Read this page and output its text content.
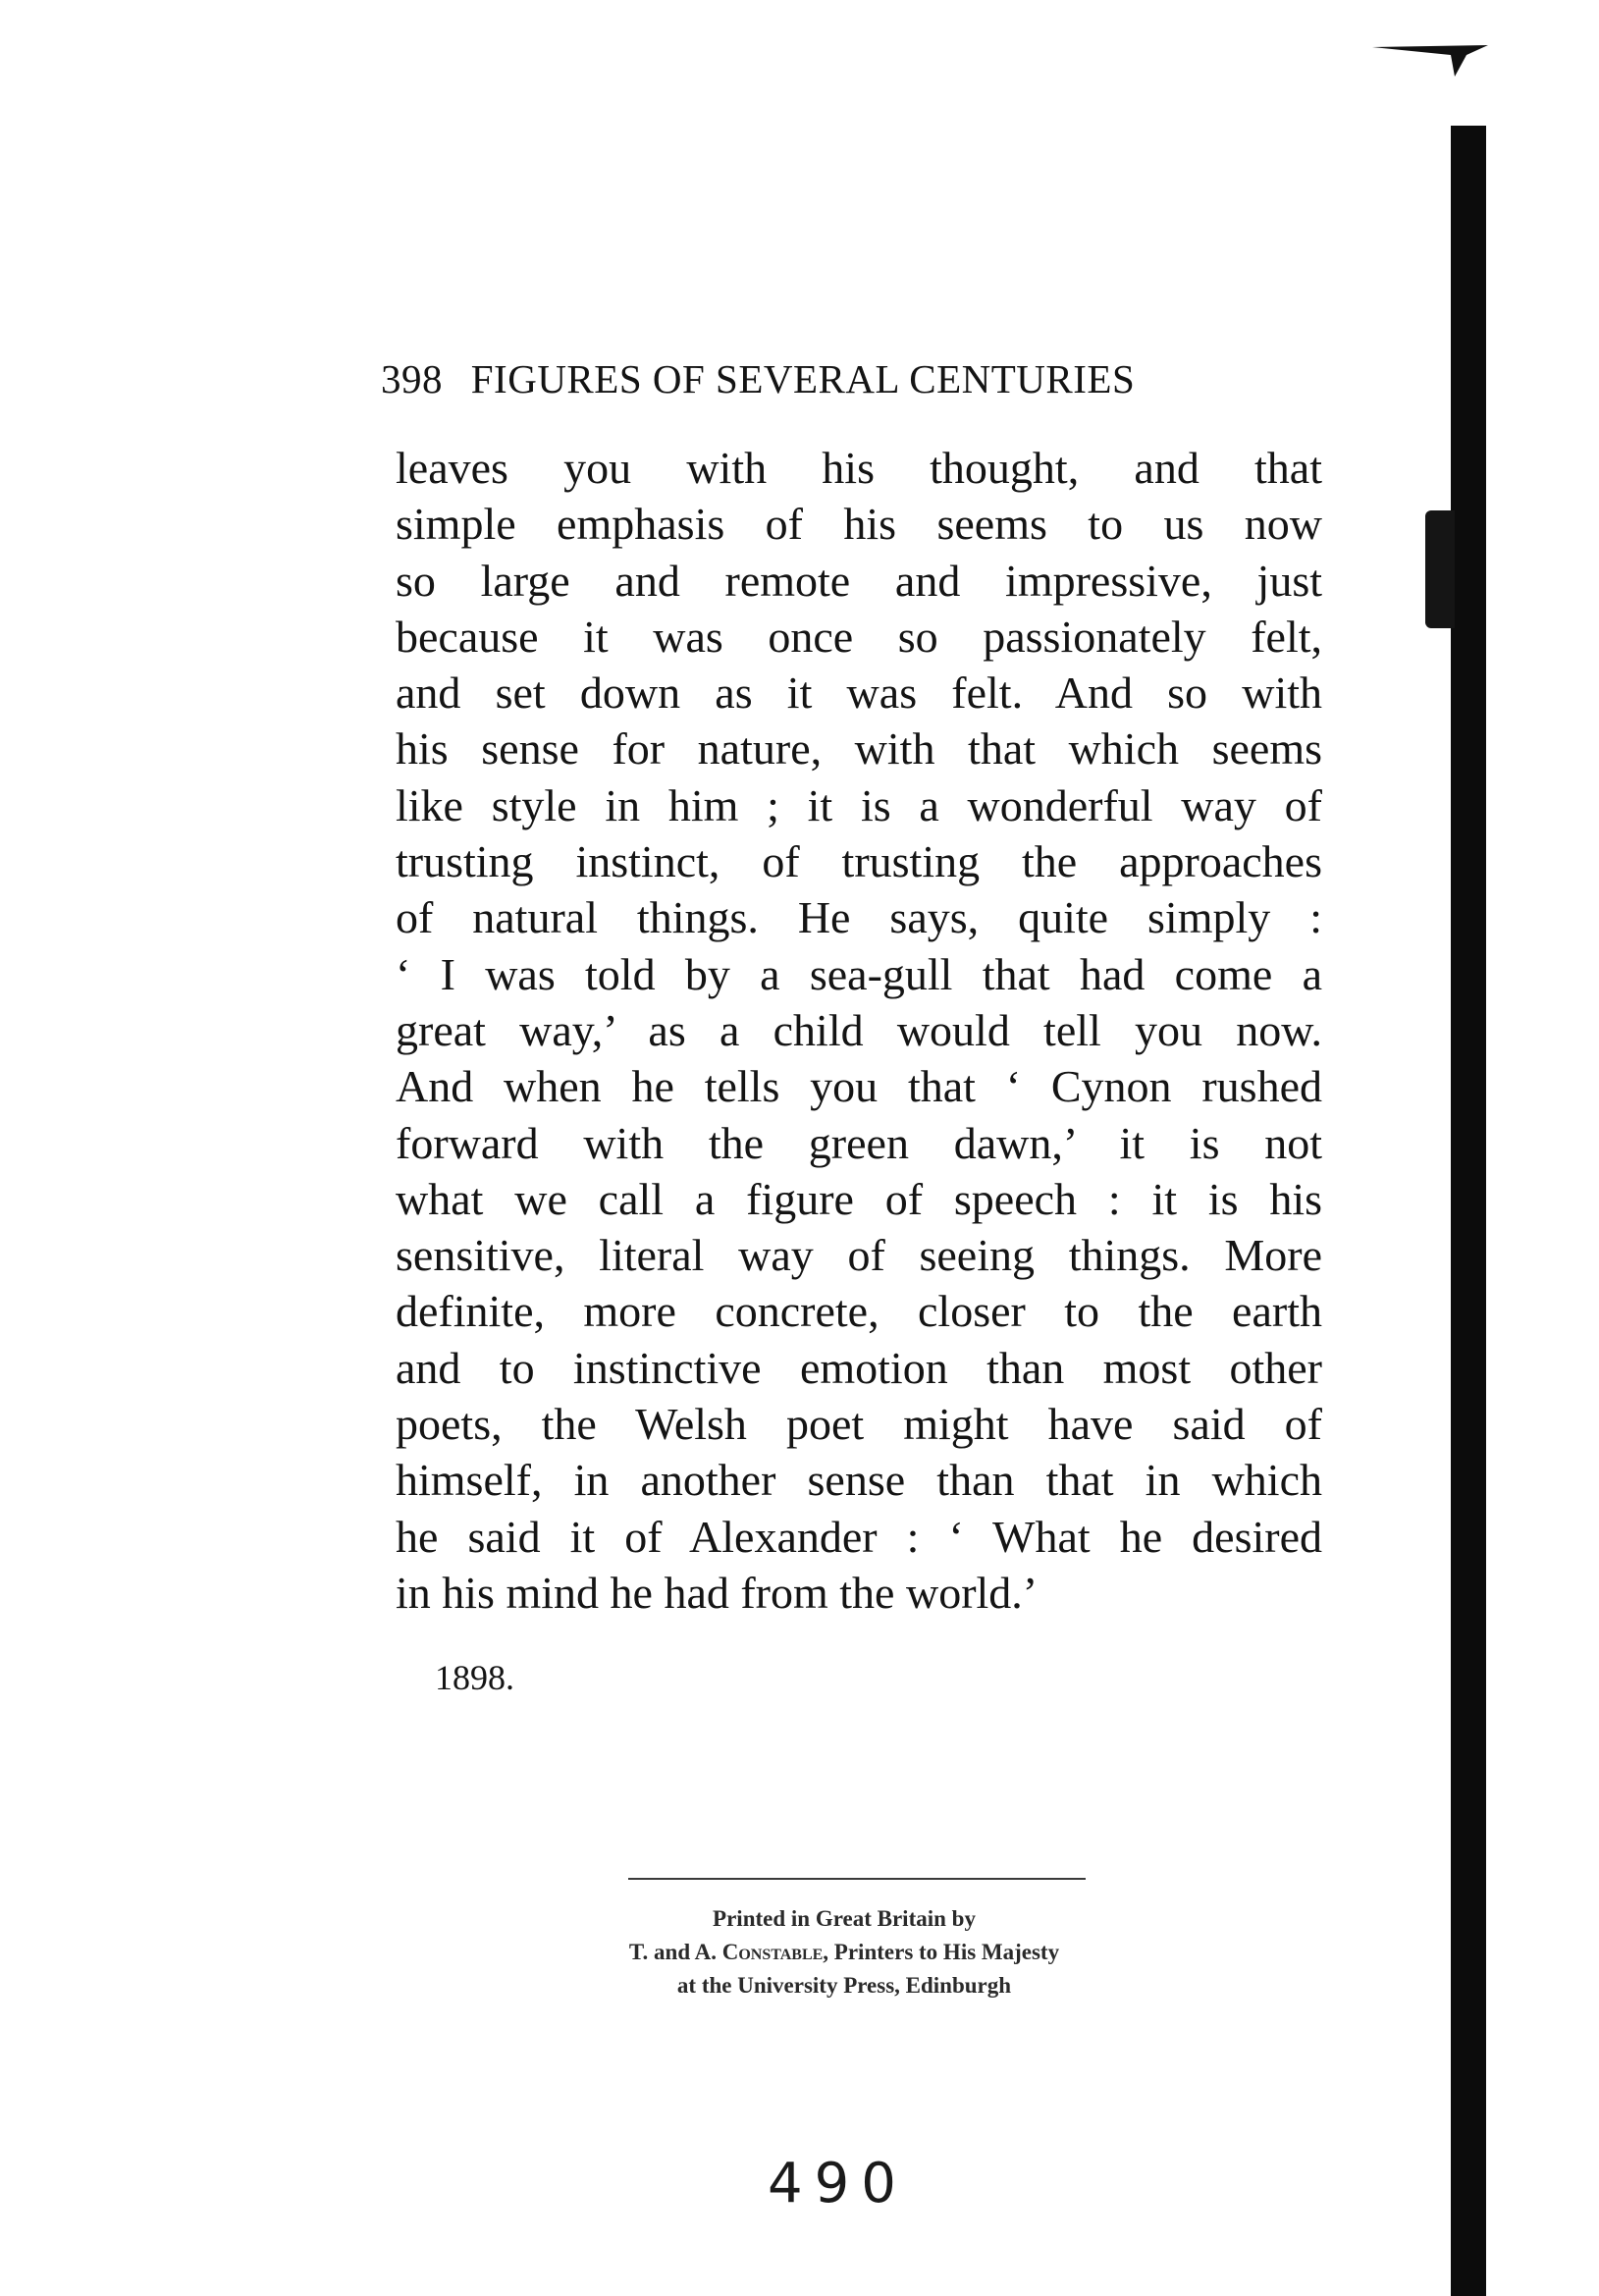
398 FIGURES OF SEVERAL CENTURIES
leaves you with his thought, and that
simple emphasis of his seems to us now
so large and remote and impressive, just
because it was once so passionately felt,
and set down as it was felt. And so with
his sense for nature, with that which seems
like style in him ; it is a wonderful way of
trusting instinct, of trusting the approaches
of natural things. He says, quite simply :
‘ I was told by a sea-gull that had come a
great way,’ as a child would tell you now.
And when he tells you that ‘ Cynon rushed
forward with the green dawn,’ it is not
what we call a figure of speech : it is his
sensitive, literal way of seeing things. More
definite, more concrete, closer to the earth
and to instinctive emotion than most other
poets, the Welsh poet might have said of
himself, in another sense than that in which
he said it of Alexander : ‘ What he desired
in his mind he had from the world.’
1898.
Printed in Great Britain by
T. and A. Constable, Printers to His Majesty
at the University Press, Edinburgh
490
